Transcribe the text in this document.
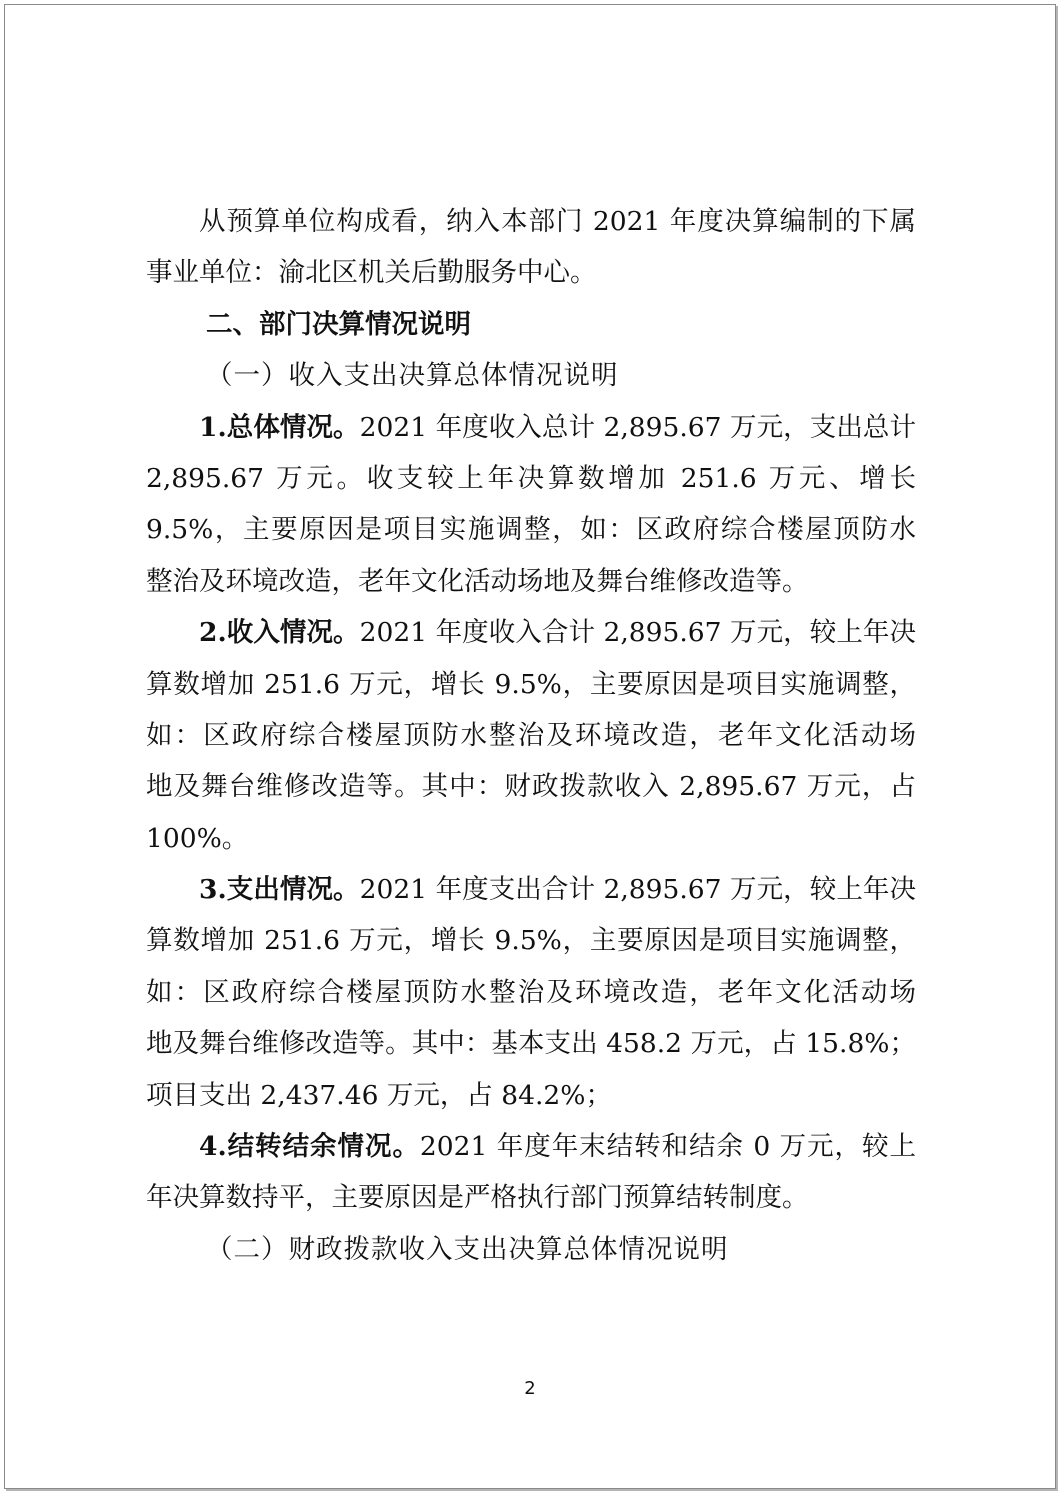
从预算单位构成看，纳入本部门 2021 年度决算编制的下属
事业单位：渝北区机关后勤服务中心。
二、部门决算情况说明
（一）收入支出决算总体情况说明
1.总体情况。2021 年度收入总计 2,895.67 万元，支出总计
2,895.67 万元。收支较上年决算数增加 251.6 万元、增长
9.5%，主要原因是项目实施调整，如：区政府综合楼屋顶防水
整治及环境改造，老年文化活动场地及舞台维修改造等。
2.收入情况。2021 年度收入合计 2,895.67 万元，较上年决
算数增加 251.6 万元，增长 9.5%，主要原因是项目实施调整，
如：区政府综合楼屋顶防水整治及环境改造，老年文化活动场
地及舞台维修改造等。其中：财政拨款收入 2,895.67 万元，占
100%。
3.支出情况。2021 年度支出合计 2,895.67 万元，较上年决
算数增加 251.6 万元，增长 9.5%，主要原因是项目实施调整，
如：区政府综合楼屋顶防水整治及环境改造，老年文化活动场
地及舞台维修改造等。其中：基本支出 458.2 万元，占 15.8%；
项目支出 2,437.46 万元，占 84.2%；
4.结转结余情况。2021 年度年末结转和结余 0 万元，较上
年决算数持平，主要原因是严格执行部门预算结转制度。
（二）财政拨款收入支出决算总体情况说明
2
